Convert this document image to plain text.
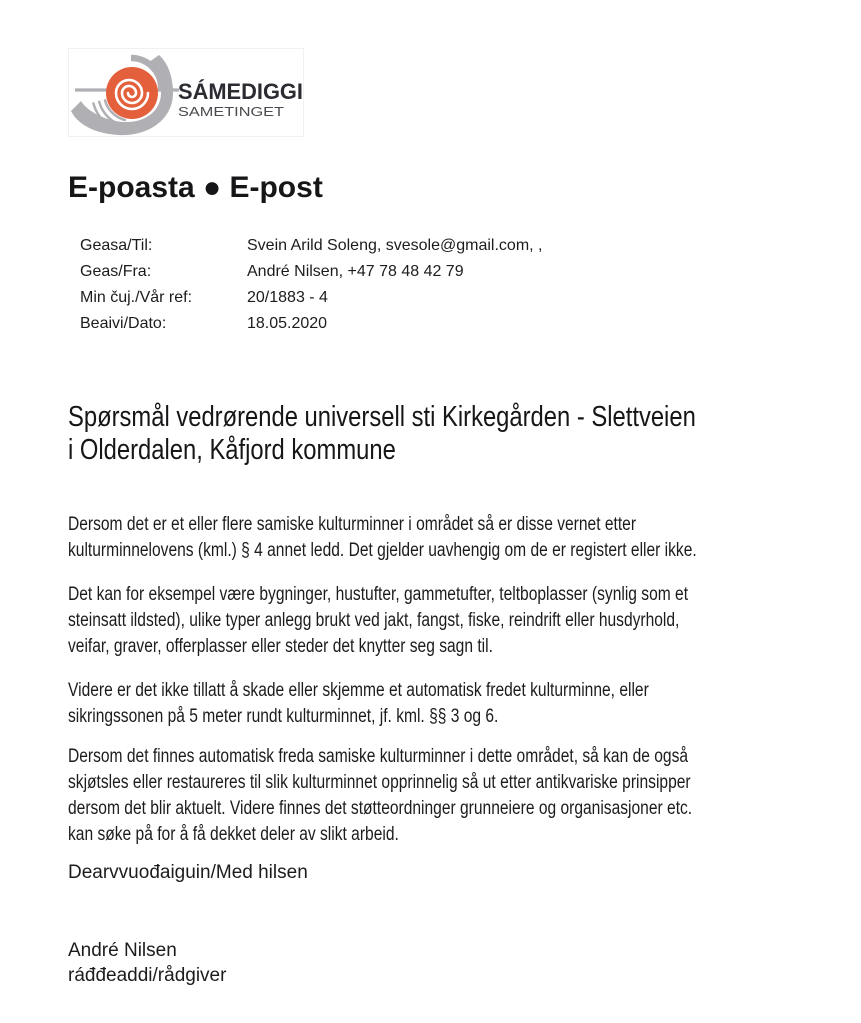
SÁMEDIGGI
SAMETINGET
E-poasta ● E-post
Geasa/Til:	Svein Arild Soleng, svesole@gmail.com, ,
Geas/Fra:	André Nilsen, +47 78 48 42 79
Min čuj./Vår ref:	20/1883 - 4
Beaivi/Dato:	18.05.2020
Spørsmål vedrørende universell sti Kirkegården - Slettveien
i Olderdalen, Kåfjord kommune
Dersom det er et eller flere samiske kulturminner i området så er disse vernet etter
kulturminnelovens (kml.) § 4 annet ledd. Det gjelder uavhengig om de er registert eller ikke.
Det kan for eksempel være bygninger, hustufter, gammetufter, teltboplasser (synlig som et
steinsatt ildsted), ulike typer anlegg brukt ved jakt, fangst, fiske, reindrift eller husdyrhold,
veifar, graver, offerplasser eller steder det knytter seg sagn til.
Videre er det ikke tillatt å skade eller skjemme et automatisk fredet kulturminne, eller
sikringssonen på 5 meter rundt kulturminnet, jf. kml. §§ 3 og 6.
Dersom det finnes automatisk freda samiske kulturminner i dette området, så kan de også
skjøtsles eller restaureres til slik kulturminnet opprinnelig så ut etter antikvariske prinsipper
dersom det blir aktuelt. Videre finnes det støtteordninger grunneiere og organisasjoner etc.
kan søke på for å få dekket deler av slikt arbeid.
Dearvvuođaiguin/Med hilsen
André Nilsen
ráđđeaddi/rådgiver
